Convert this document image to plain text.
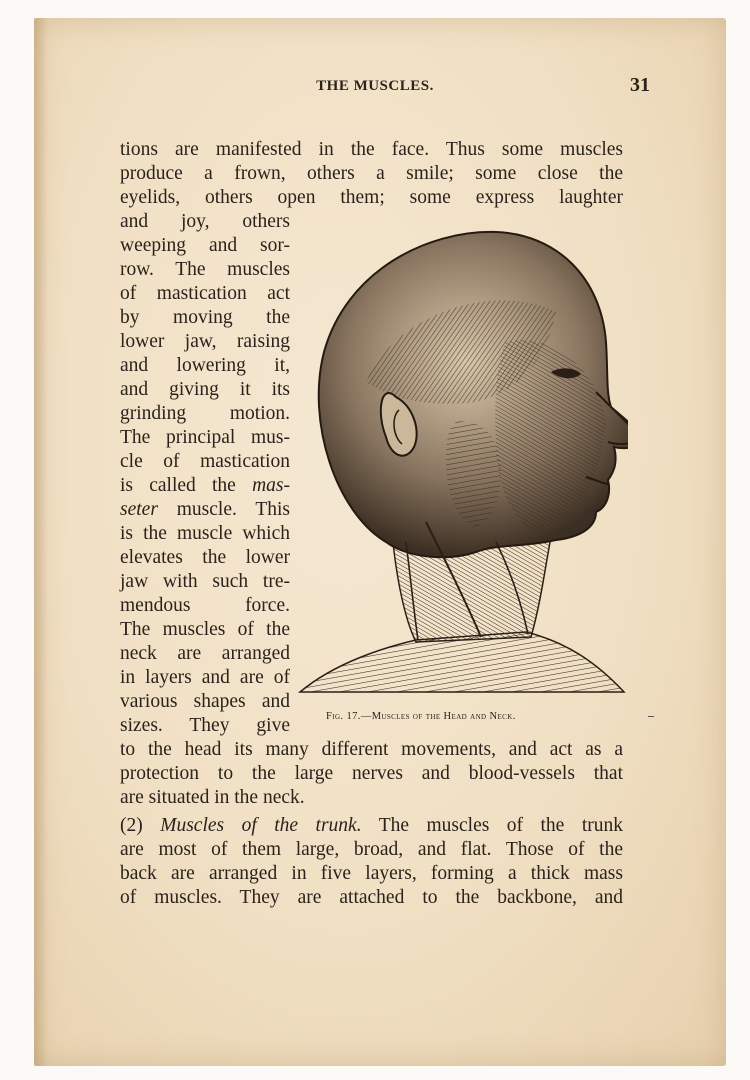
THE MUSCLES.	31
tions are manifested in the face. Thus some muscles
produce a frown, others a smile; some close the
eyelids, others open them; some express laughter
and joy, others
weeping and sor-
row. The muscles
of mastication act
by moving the
lower jaw, raising
and lowering it,
and giving it its
grinding motion.
The principal mus-
cle of mastication
is called the mas-
seter muscle. This
is the muscle which
elevates the lower
jaw with such tre-
mendous force.
The muscles of the
neck are arranged
in layers and are of
various shapes and
sizes. They give
to the head its many different movements, and act as a
protection to the large nerves and blood-vessels that
are situated in the neck.
(2) Muscles of the trunk. The muscles of the trunk
are most of them large, broad, and flat. Those of the
back are arranged in five layers, forming a thick mass
of muscles. They are attached to the backbone, and
Fig. 17.—Muscles of the Head and Neck.
